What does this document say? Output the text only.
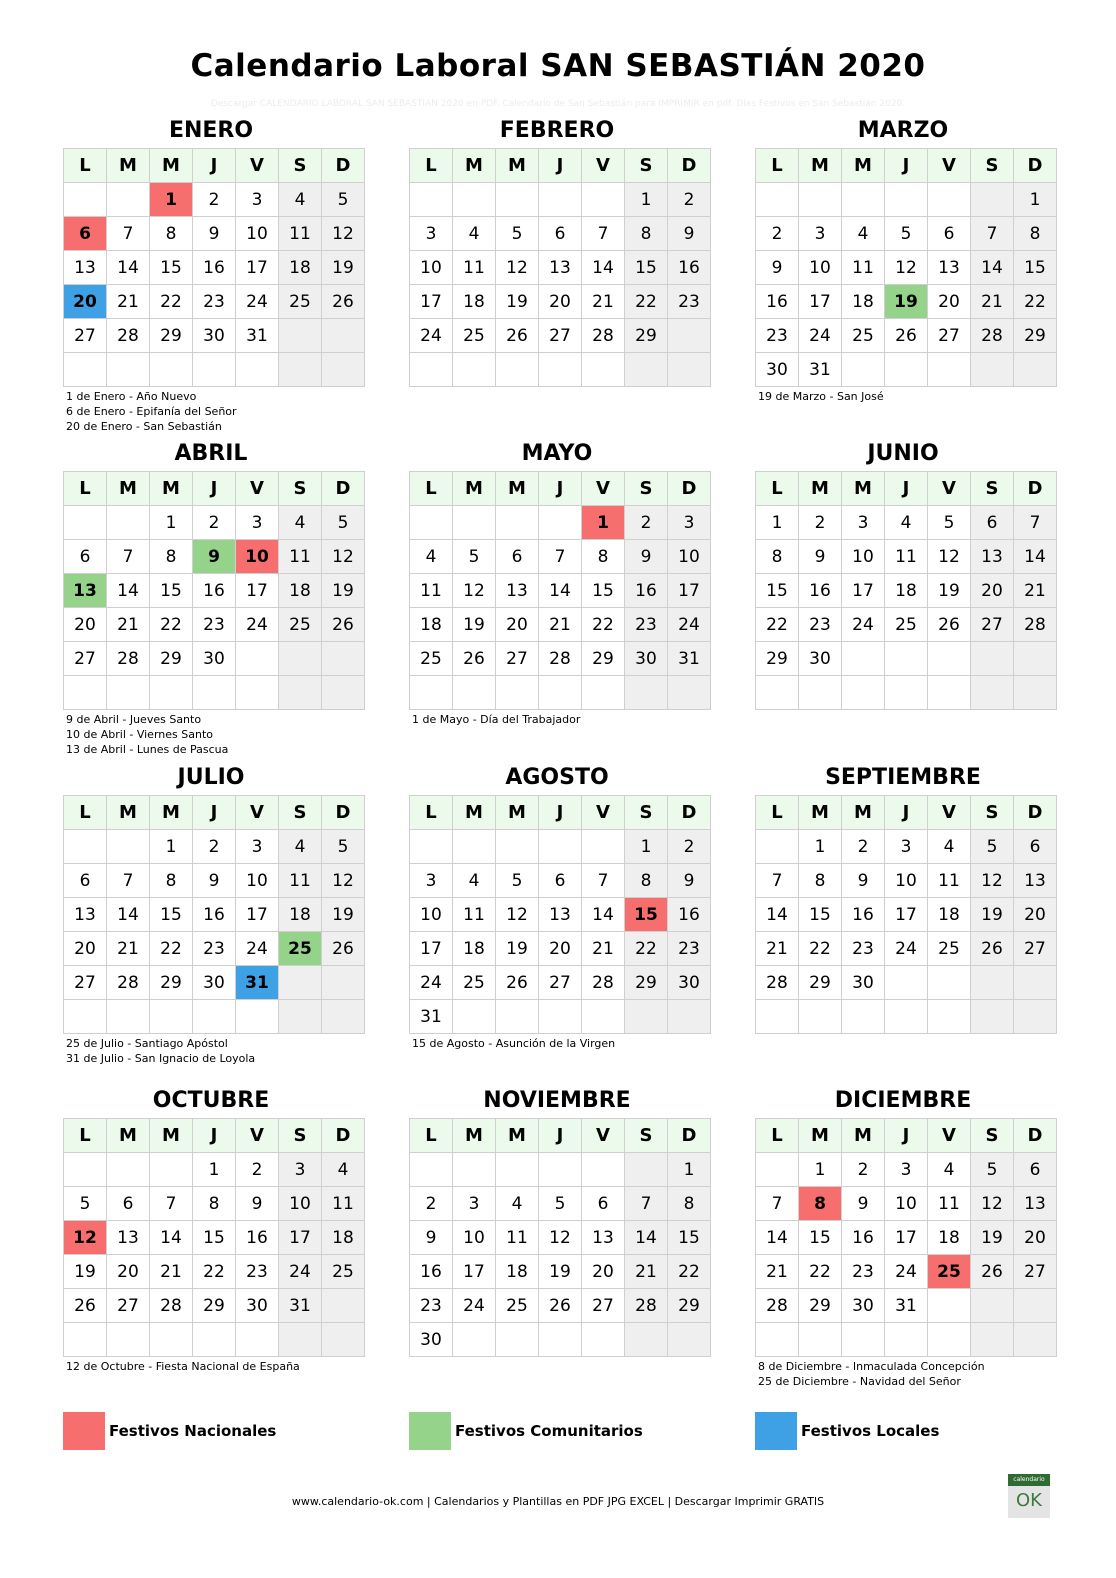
Calendario Laboral SAN SEBASTIÁN 2020
Descargar CALENDARIO LABORAL SAN SEBASTIÁN 2020 en PDF. Calendario de San Sebastián para IMPRIMIR en pdf. Días Festivos en San Sebastián 2020.
ENERO
L	M	M	J	V	S	D
		1	2	3	4	5
6	7	8	9	10	11	12
13	14	15	16	17	18	19
20	21	22	23	24	25	26
27	28	29	30	31		

1 de Enero - Año Nuevo
6 de Enero - Epifanía del Señor
20 de Enero - San Sebastián
FEBRERO
L	M	M	J	V	S	D
					1	2
3	4	5	6	7	8	9
10	11	12	13	14	15	16
17	18	19	20	21	22	23
24	25	26	27	28	29	

MARZO
L	M	M	J	V	S	D
						1
2	3	4	5	6	7	8
9	10	11	12	13	14	15
16	17	18	19	20	21	22
23	24	25	26	27	28	29
30	31					
19 de Marzo - San José
ABRIL
L	M	M	J	V	S	D
		1	2	3	4	5
6	7	8	9	10	11	12
13	14	15	16	17	18	19
20	21	22	23	24	25	26
27	28	29	30			

9 de Abril - Jueves Santo
10 de Abril - Viernes Santo
13 de Abril - Lunes de Pascua
MAYO
L	M	M	J	V	S	D
				1	2	3
4	5	6	7	8	9	10
11	12	13	14	15	16	17
18	19	20	21	22	23	24
25	26	27	28	29	30	31

1 de Mayo - Día del Trabajador
JUNIO
L	M	M	J	V	S	D
1	2	3	4	5	6	7
8	9	10	11	12	13	14
15	16	17	18	19	20	21
22	23	24	25	26	27	28
29	30					

JULIO
L	M	M	J	V	S	D
		1	2	3	4	5
6	7	8	9	10	11	12
13	14	15	16	17	18	19
20	21	22	23	24	25	26
27	28	29	30	31		

25 de Julio - Santiago Apóstol
31 de Julio - San Ignacio de Loyola
AGOSTO
L	M	M	J	V	S	D
					1	2
3	4	5	6	7	8	9
10	11	12	13	14	15	16
17	18	19	20	21	22	23
24	25	26	27	28	29	30
31						
15 de Agosto - Asunción de la Virgen
SEPTIEMBRE
L	M	M	J	V	S	D
	1	2	3	4	5	6
7	8	9	10	11	12	13
14	15	16	17	18	19	20
21	22	23	24	25	26	27
28	29	30				

OCTUBRE
L	M	M	J	V	S	D
			1	2	3	4
5	6	7	8	9	10	11
12	13	14	15	16	17	18
19	20	21	22	23	24	25
26	27	28	29	30	31	

12 de Octubre - Fiesta Nacional de España
NOVIEMBRE
L	M	M	J	V	S	D
						1
2	3	4	5	6	7	8
9	10	11	12	13	14	15
16	17	18	19	20	21	22
23	24	25	26	27	28	29
30						
DICIEMBRE
L	M	M	J	V	S	D
	1	2	3	4	5	6
7	8	9	10	11	12	13
14	15	16	17	18	19	20
21	22	23	24	25	26	27
28	29	30	31			

8 de Diciembre - Inmaculada Concepción
25 de Diciembre - Navidad del Señor
Festivos Nacionales	Festivos Comunitarios	Festivos Locales
www.calendario-ok.com | Calendarios y Plantillas en PDF JPG EXCEL | Descargar Imprimir GRATIS
calendario
OK
